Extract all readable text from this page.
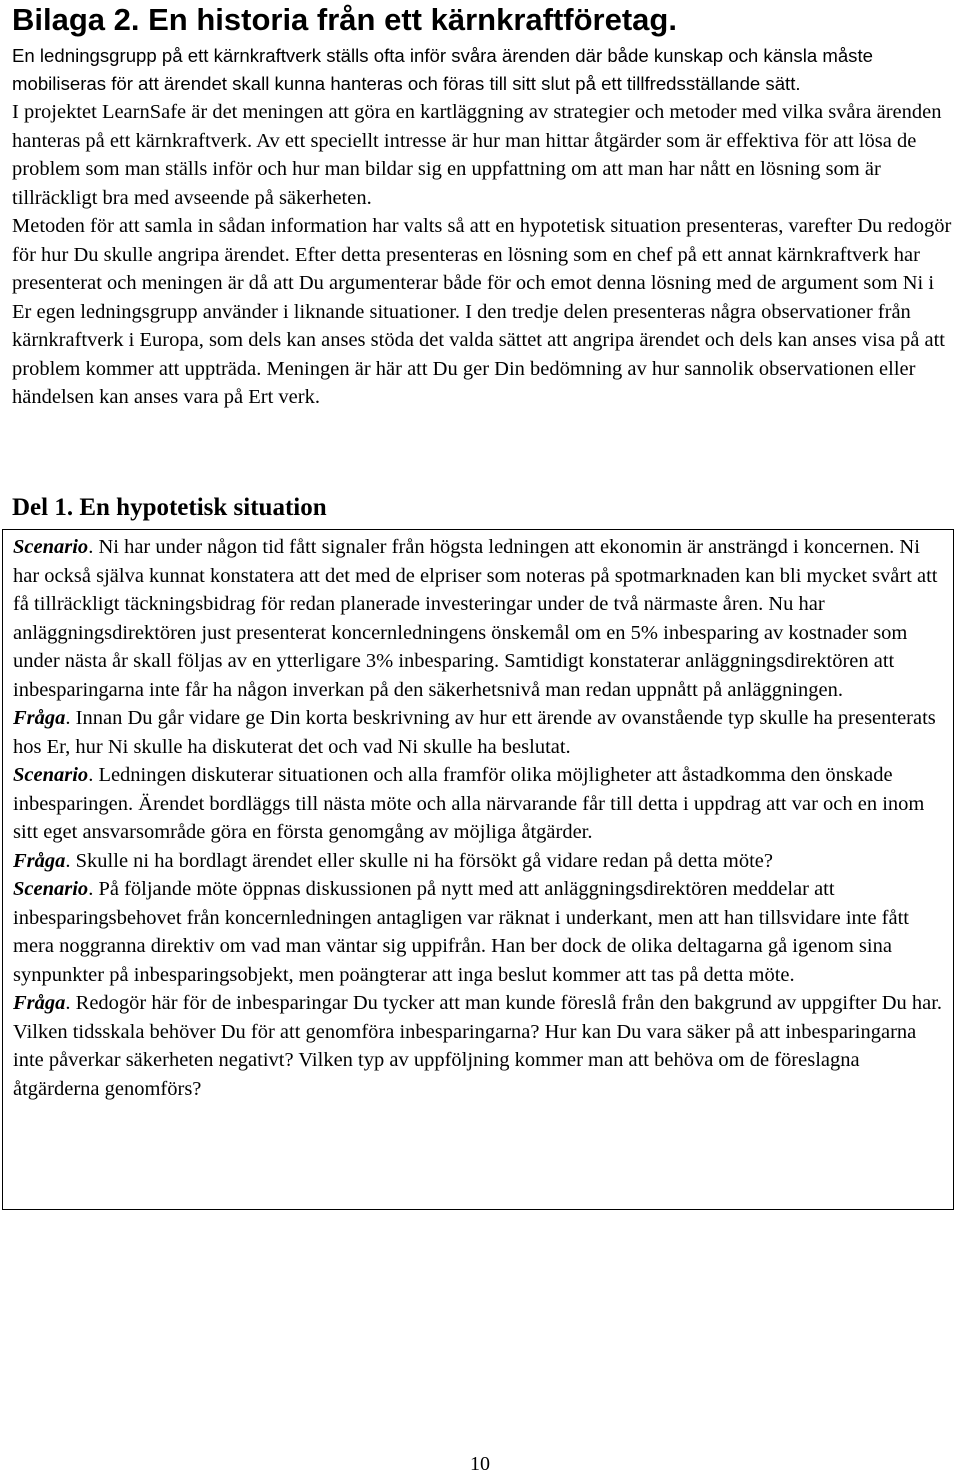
Bilaga 2. En historia från ett kärnkraftföretag.

En ledningsgrupp på ett kärnkraftverk ställs ofta inför svåra ärenden där både kunskap och känsla måste mobiliseras för att ärendet skall kunna hanteras och föras till sitt slut på ett tillfredsställande sätt.

I projektet LearnSafe är det meningen att göra en kartläggning av strategier och metoder med vilka svåra ärenden hanteras på ett kärnkraftverk. Av ett speciellt intresse är hur man hittar åtgärder som är effektiva för att lösa de problem som man ställs inför och hur man bildar sig en uppfattning om att man har nått en lösning som är tillräckligt bra med avseende på säkerheten.
Metoden för att samla in sådan information har valts så att en hypotetisk situation presenteras, varefter Du redogör för hur Du skulle angripa ärendet. Efter detta presenteras en lösning som en chef på ett annat kärnkraftverk har presenterat och meningen är då att Du argumenterar både för och emot denna lösning med de argument som Ni i Er egen ledningsgrupp använder i liknande situationer. I den tredje delen presenteras några observationer från kärnkraftverk i Europa, som dels kan anses stöda det valda sättet att angripa ärendet och dels kan anses visa på att problem kommer att uppträda. Meningen är här att Du ger Din bedömning av hur sannolik observationen eller händelsen kan anses vara på Ert verk.

Del 1. En hypotetisk situation

Scenario. Ni har under någon tid fått signaler från högsta ledningen att ekonomin är ansträngd i koncernen. Ni har också själva kunnat konstatera att det med de elpriser som noteras på spotmarknaden kan bli mycket svårt att få tillräckligt täckningsbidrag för redan planerade investeringar under de två närmaste åren. Nu har anläggningsdirektören just presenterat koncernledningens önskemål om en 5% inbesparing av kostnader som under nästa år skall följas av en ytterligare 3% inbesparing. Samtidigt konstaterar anläggningsdirektören att inbesparingarna inte får ha någon inverkan på den säkerhetsnivå man redan uppnått på anläggningen.

Fråga. Innan Du går vidare ge Din korta beskrivning av hur ett ärende av ovanstående typ skulle ha presenterats hos Er, hur Ni skulle ha diskuterat det och vad Ni skulle ha beslutat.

Scenario. Ledningen diskuterar situationen och alla framför olika möjligheter att åstadkomma den önskade inbesparingen. Ärendet bordläggs till nästa möte och alla närvarande får till detta i uppdrag att var och en inom sitt eget ansvarsområde göra en första genomgång av möjliga åtgärder.

Fråga. Skulle ni ha bordlagt ärendet eller skulle ni ha försökt gå vidare redan på detta möte?

Scenario. På följande möte öppnas diskussionen på nytt med att anläggningsdirektören meddelar att inbesparingsbehovet från koncernledningen antagligen var räknat i underkant, men att han tillsvidare inte fått mera noggranna direktiv om vad man väntar sig uppifrån. Han ber dock de olika deltagarna gå igenom sina synpunkter på inbesparingsobjekt, men poängterar att inga beslut kommer att tas på detta möte.

Fråga. Redogör här för de inbesparingar Du tycker att man kunde föreslå från den bakgrund av uppgifter Du har. Vilken tidsskala behöver Du för att genomföra inbesparingarna? Hur kan Du vara säker på att inbesparingarna inte påverkar säkerheten negativt? Vilken typ av uppföljning kommer man att behöva om de föreslagna åtgärderna genomförs?

10
